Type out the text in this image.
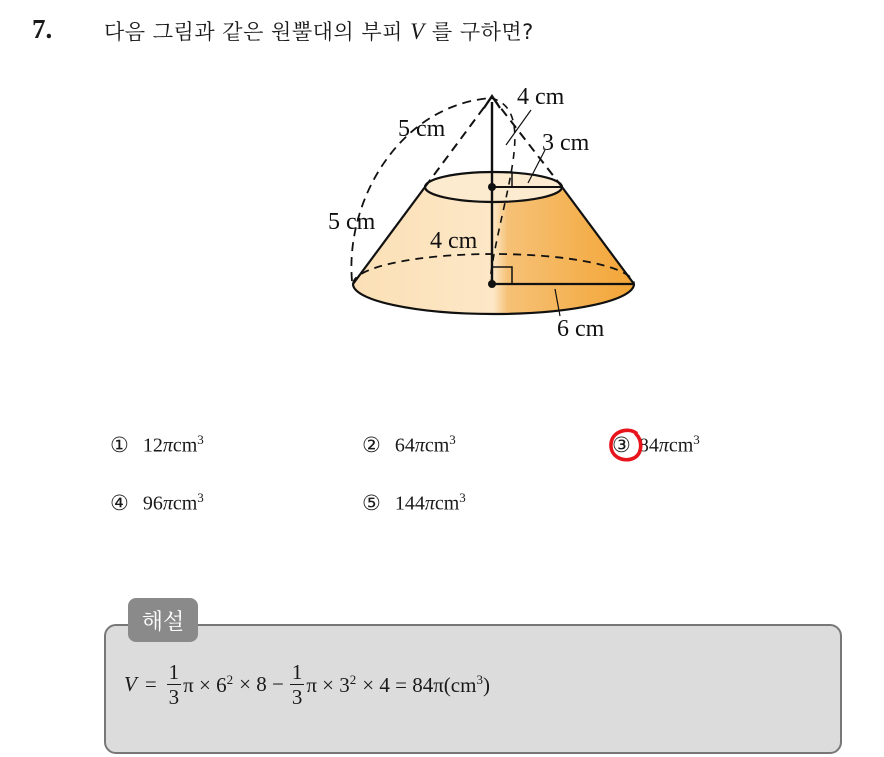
7. 다음 그림과 같은 원뿔대의 부피 V 를 구하면?
5 cm
4 cm
3 cm
5 cm
4 cm
6 cm
① 12πcm$^3$	② 64πcm$^3$	③ 84πcm$^3$
④ 96πcm$^3$	⑤ 144πcm$^3$
해설
$V = \frac{1}{3}$ $\pi \times 6^2 \times 8 - \frac{1}{3}$ $\pi \times 3^2 \times 4 = 84\pi(cm^3)$
